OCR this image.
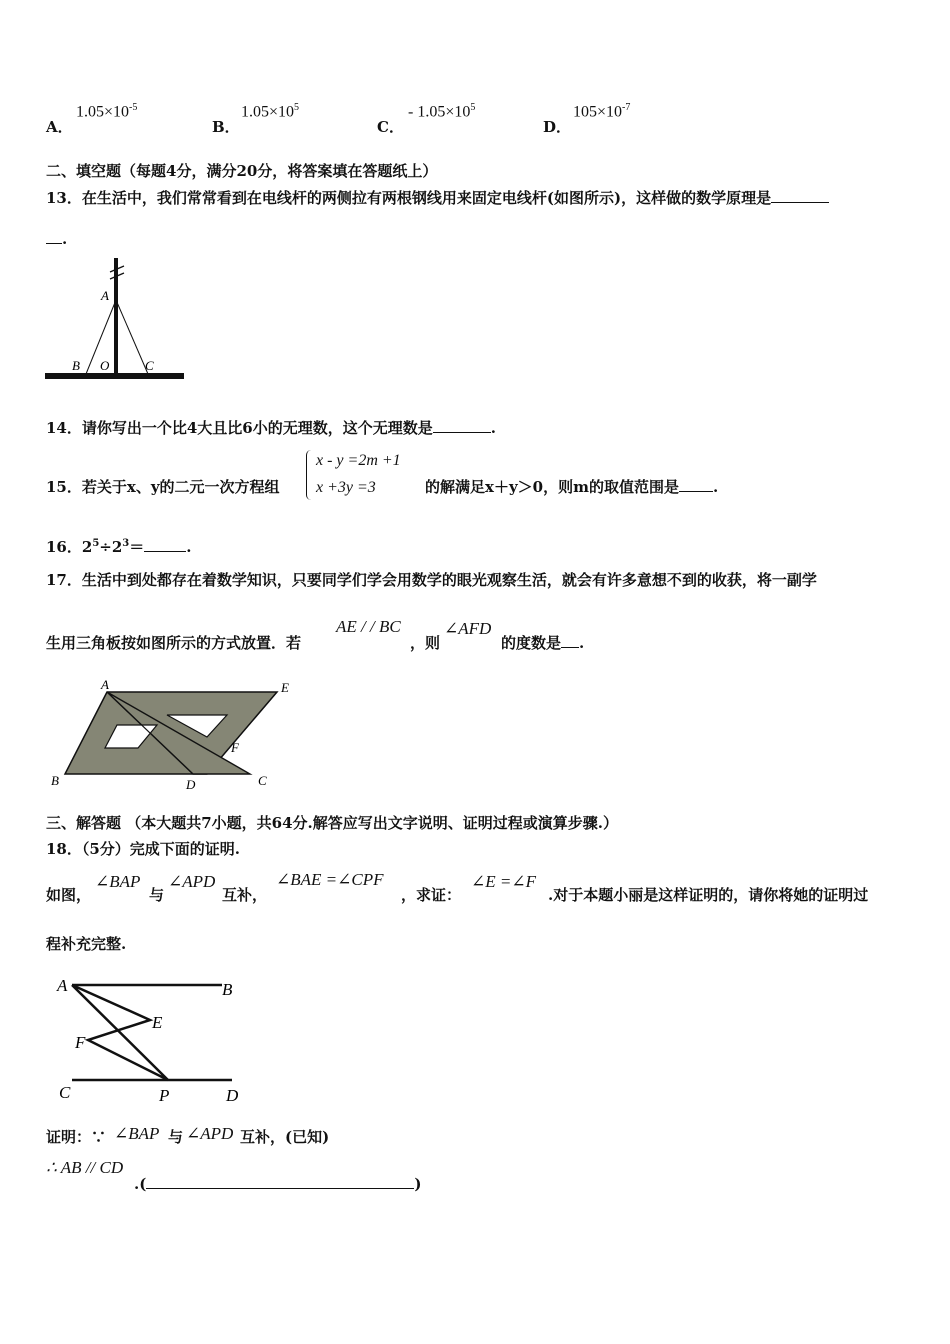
A．
$1.05\times 10^{-5}$
B．
$1.05\times 10^5$
C．
- $1.05\times 10^5$
D．
$105\times 10^{-7}$
二、填空题（每题4分，满分20分，将答案填在答题纸上）
13．在生活中，我们常常看到在电线杆的两侧拉有两根钢线用来固定电线杆(如图所示)，这样做的数学原理是
.
A
B O	C
14．请你写出一个比4大且比6小的无理数，这个无理数是	.
15．若关于x、y的二元一次方程组
x - y =2m +1
x +3y =3	的解满足x＋y＞0，则m的取值范围是 .
16．$2^5\div 2^3=$	.
17．生活中到处都存在着数学知识，只要同学们学会用数学的眼光观察生活，就会有许多意想不到的收获，将一副学
生用三角板按如图所示的方式放置．若
AE / / BC
，则
∠AFD
的度数是 .
A	E
F
B	D	C
三、解答题 （本大题共7小题，共64分.解答应写出文字说明、证明过程或演算步骤.）
18．（5分）完成下面的证明.
如图，
∠BAP
与
∠APD
互补，
∠BAE =∠CPF
，求证：
∠E =∠F
.对于本题小丽是这样证明的，请你将她的证明过
程补充完整.
A	B
E
F
C	P	D
证明：∵ ∠BAP 与 ∠APD 互补，(已知)
∴ AB // CD
.(	)
